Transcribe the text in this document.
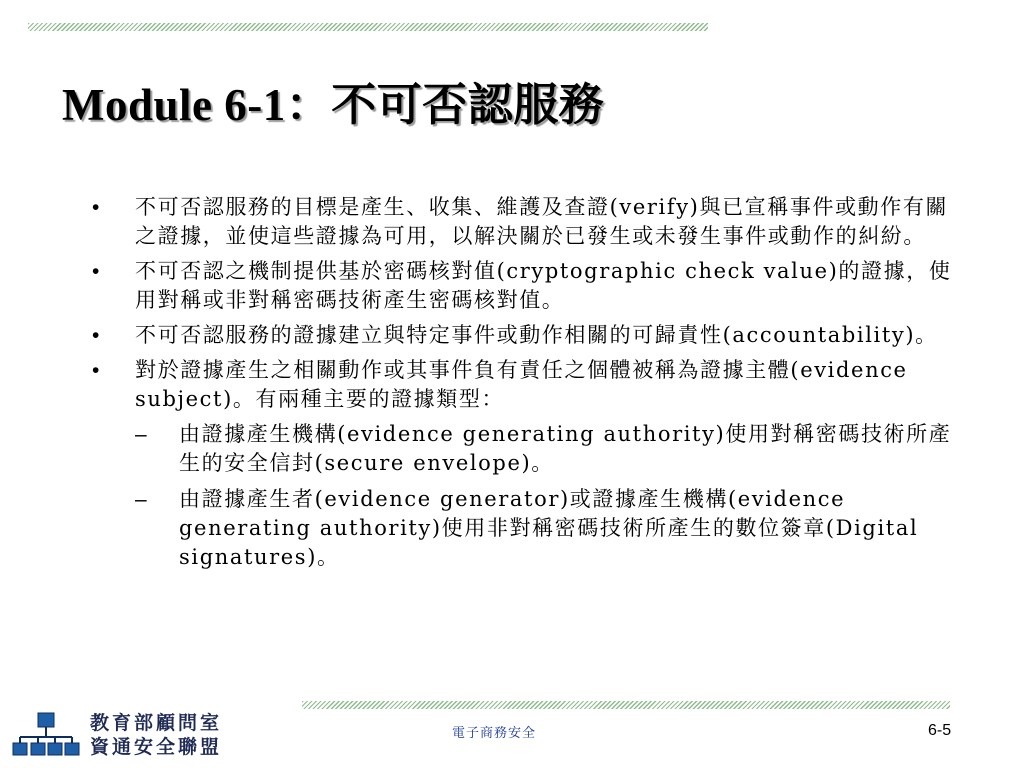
Module 6-1：不可否認服務
•	不可否認服務的目標是產生、收集、維護及查證(verify)與已宣稱事件或動作有關之證據，並使這些證據為可用，以解決關於已發生或未發生事件或動作的糾紛。
•	不可否認之機制提供基於密碼核對值(cryptographic check value)的證據，使用對稱或非對稱密碼技術產生密碼核對值。
•	不可否認服務的證據建立與特定事件或動作相關的可歸責性(accountability)。
•	對於證據產生之相關動作或其事件負有責任之個體被稱為證據主體(evidence subject)。有兩種主要的證據類型：
–	由證據產生機構(evidence generating authority)使用對稱密碼技術所產生的安全信封(secure envelope)。
–	由證據產生者(evidence generator)或證據產生機構(evidence generating authority)使用非對稱密碼技術所產生的數位簽章(Digital signatures)。
教育部顧問室
資通安全聯盟
電子商務安全	6-5
